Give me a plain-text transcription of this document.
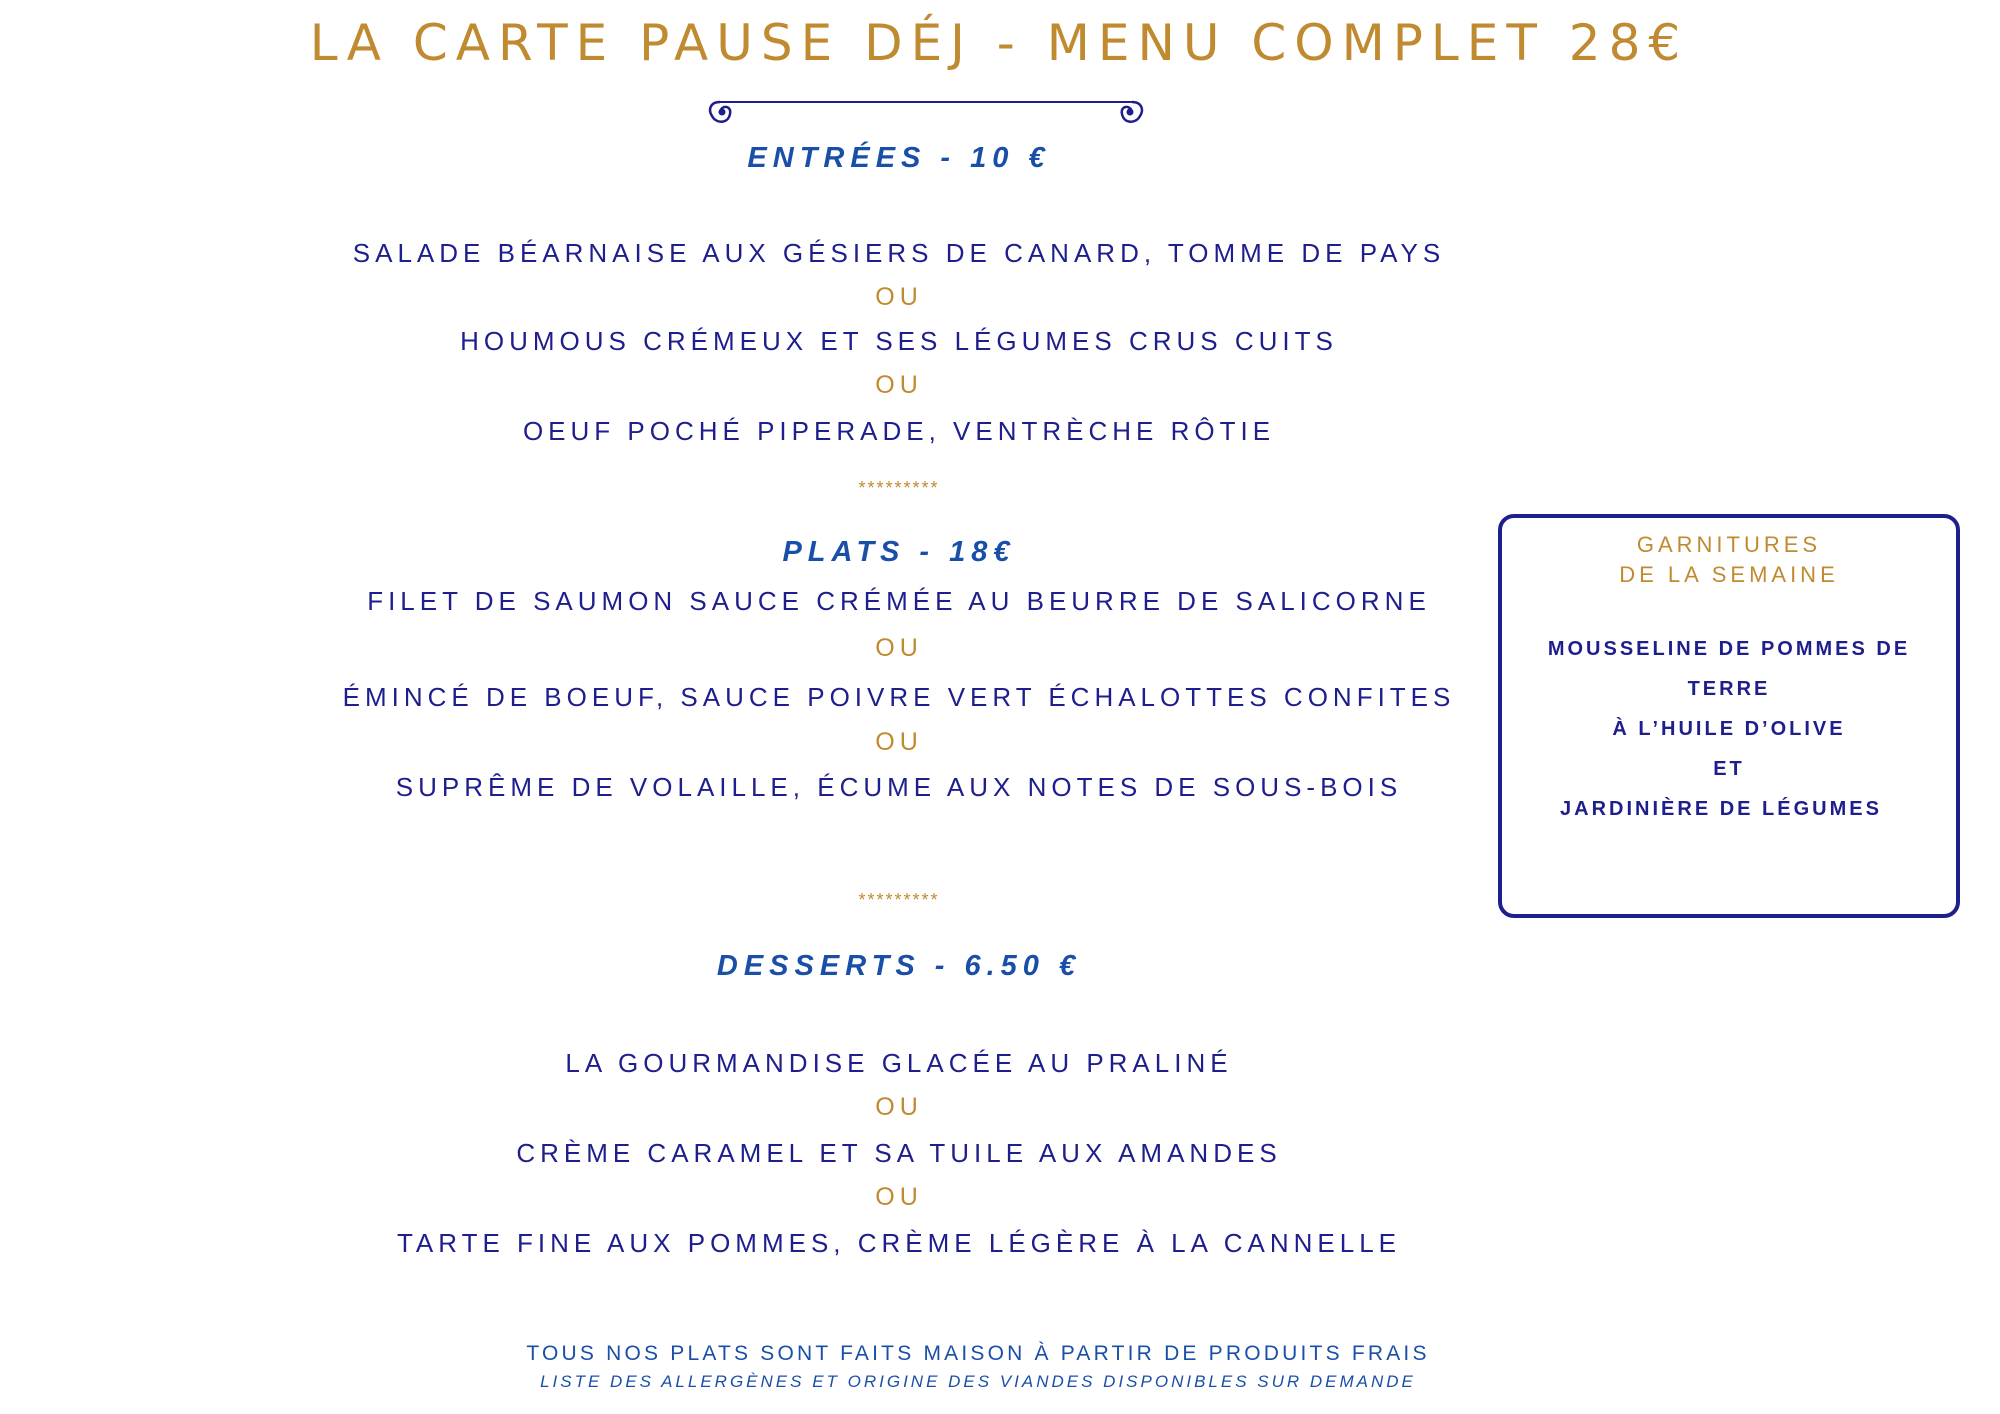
LA CARTE PAUSE DÉJ - MENU COMPLET 28€
ENTRÉES - 10 €
SALADE BÉARNAISE AUX GÉSIERS DE CANARD, TOMME DE PAYS
OU
HOUMOUS CRÉMEUX ET SES LÉGUMES CRUS CUITS
OU
OEUF POCHÉ PIPERADE, VENTRÈCHE RÔTIE
*********
PLATS - 18€
FILET DE SAUMON SAUCE CRÉMÉE AU BEURRE DE SALICORNE
OU
ÉMINCÉ DE BOEUF, SAUCE POIVRE VERT ÉCHALOTTES CONFITES
OU
SUPRÊME DE VOLAILLE, ÉCUME AUX NOTES DE SOUS-BOIS
*********
DESSERTS - 6.50 €
LA GOURMANDISE GLACÉE AU PRALINÉ
OU
CRÈME CARAMEL ET SA TUILE AUX AMANDES
OU
TARTE FINE AUX POMMES, CRÈME LÉGÈRE À LA CANNELLE
GARNITURES
DE LA SEMAINE
MOUSSELINE DE POMMES DE
TERRE
À L’HUILE D’OLIVE
ET
JARDINIÈRE DE LÉGUMES
TOUS NOS PLATS SONT FAITS MAISON À PARTIR DE PRODUITS FRAIS
LISTE DES ALLERGÈNES ET ORIGINE DES VIANDES DISPONIBLES SUR DEMANDE
